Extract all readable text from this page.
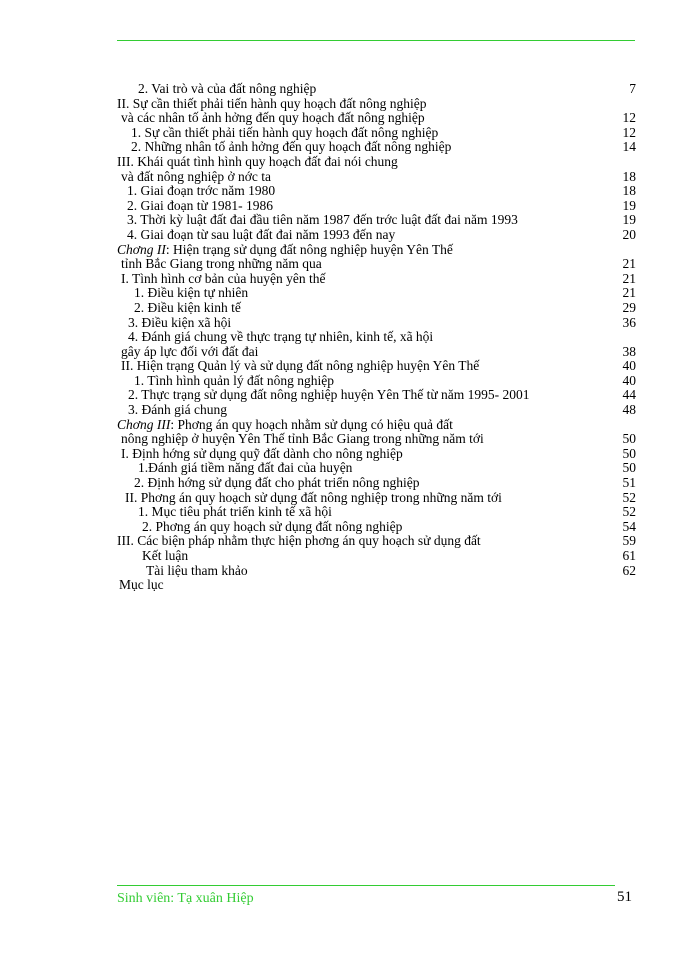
2. Vai trò và của đất nông nghiệp	7
II. Sự cần thiết phải tiến hành quy hoạch đất nông nghiệp
và các nhân tố ảnh hởng đến quy hoạch đất nông nghiệp	12
1. Sự cần thiết phải tiến hành quy hoạch đất nông nghiệp	12
2. Những nhân tố ảnh hởng đến quy hoạch đất nông nghiệp	14
III. Khái quát tình hình quy hoạch đất đai nói chung
và đất nông nghiệp ở nớc ta	18
1. Giai đoạn trớc năm 1980	18
2. Giai đoạn từ 1981- 1986	19
3. Thời kỳ luật đất đai đầu tiên năm 1987 đến trớc luật đất đai năm 1993	19
4. Giai đoạn từ sau luật đất đai năm 1993 đến nay	20
Chơng II: Hiện trạng sử dụng đất nông nghiệp huyện Yên Thế
tỉnh Bắc Giang trong những năm qua	21
I. Tình hình cơ bản của huyện yên thế	21
1. Điều kiện tự nhiên	21
2. Điều kiện kinh tế	29
3. Điều kiện xã hội	36
4. Đánh giá chung về thực trạng tự nhiên, kinh tế, xã hội
gây áp lực đối với đất đai	38
II. Hiện trạng Quản lý và sử dụng đất nông nghiệp huyện Yên Thế	40
1. Tình hình quản lý đất nông nghiệp	40
2. Thực trạng sử dụng đất nông nghiệp huyện Yên Thế từ năm 1995- 2001	44
3. Đánh giá chung	48
Chơng III: Phơng án quy hoạch nhằm sử dụng có hiệu quả đất
nông nghiệp ở huyện Yên Thế tỉnh Bắc Giang trong những năm tới	50
I. Định hớng sử dụng quỹ đất dành cho nông nghiệp	50
1.Đánh giá tiềm năng đất đai của huyện	50
2. Định hớng sử dụng đất cho phát triển nông nghiệp	51
II. Phơng án quy hoạch sử dụng đất nông nghiệp trong những năm tới	52
1. Mục tiêu phát triển kinh tế xã hội	52
2. Phơng án quy hoạch sử dụng đất nông nghiệp	54
III. Các biện pháp nhằm thực hiện phơng án quy hoạch sử dụng đất	59
Kết luận	61
Tài liệu tham khảo	62
Mục lục
Sinh viên: Tạ xuân Hiệp	51
